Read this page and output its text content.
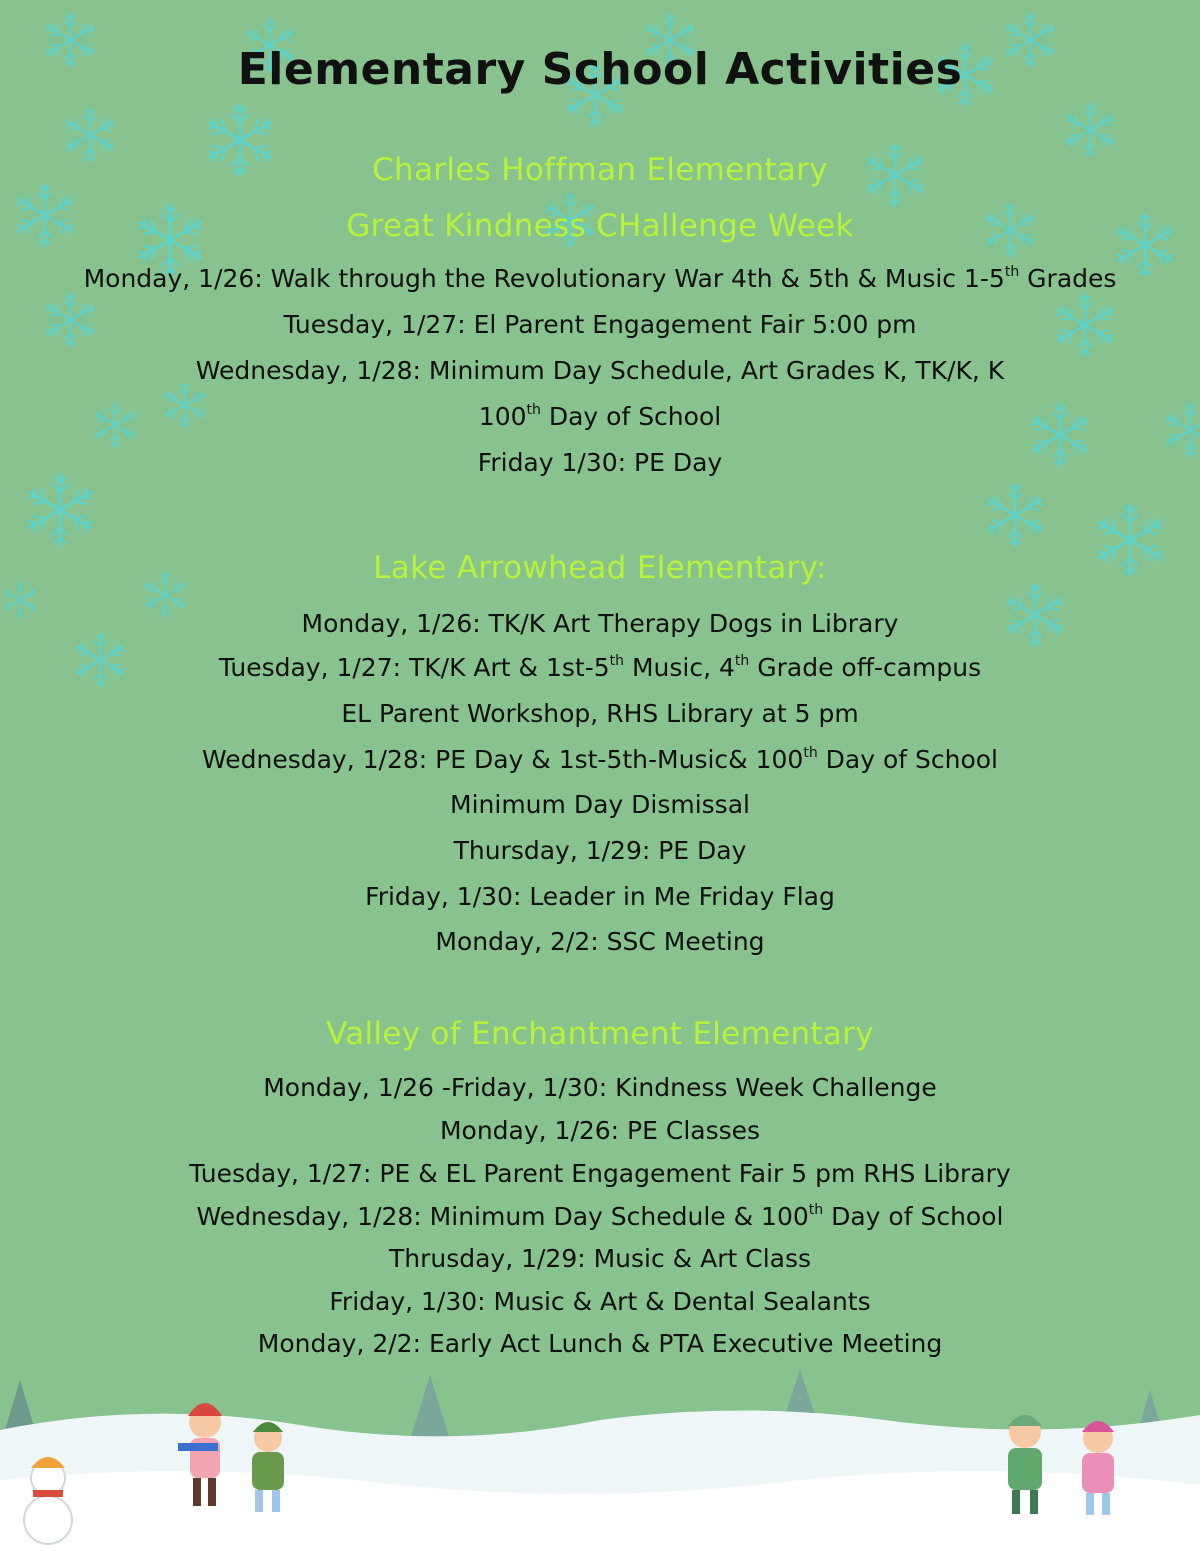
Elementary School Activities
Charles Hoffman Elementary
Great Kindness CHallenge Week
Monday, 1/26: Walk through the Revolutionary War 4th & 5th & Music 1-5th Grades
Tuesday, 1/27: El Parent Engagement Fair 5:00 pm
Wednesday, 1/28: Minimum Day Schedule, Art Grades K, TK/K, K
100th Day of School
Friday 1/30: PE Day
Lake Arrowhead Elementary:
Monday, 1/26: TK/K Art Therapy Dogs in Library
Tuesday, 1/27: TK/K Art & 1st-5th Music, 4th Grade off-campus
EL Parent Workshop, RHS Library at 5 pm
Wednesday, 1/28: PE Day & 1st-5th-Music& 100th Day of School
Minimum Day Dismissal
Thursday, 1/29: PE Day
Friday, 1/30: Leader in Me Friday Flag
Monday, 2/2: SSC Meeting
Valley of Enchantment Elementary
Monday, 1/26 -Friday, 1/30: Kindness Week Challenge
Monday, 1/26: PE Classes
Tuesday, 1/27: PE & EL Parent Engagement Fair 5 pm RHS Library
Wednesday, 1/28: Minimum Day Schedule & 100th Day of School
Thrusday, 1/29: Music & Art Class
Friday, 1/30: Music & Art & Dental Sealants
Monday, 2/2: Early Act Lunch & PTA Executive Meeting
